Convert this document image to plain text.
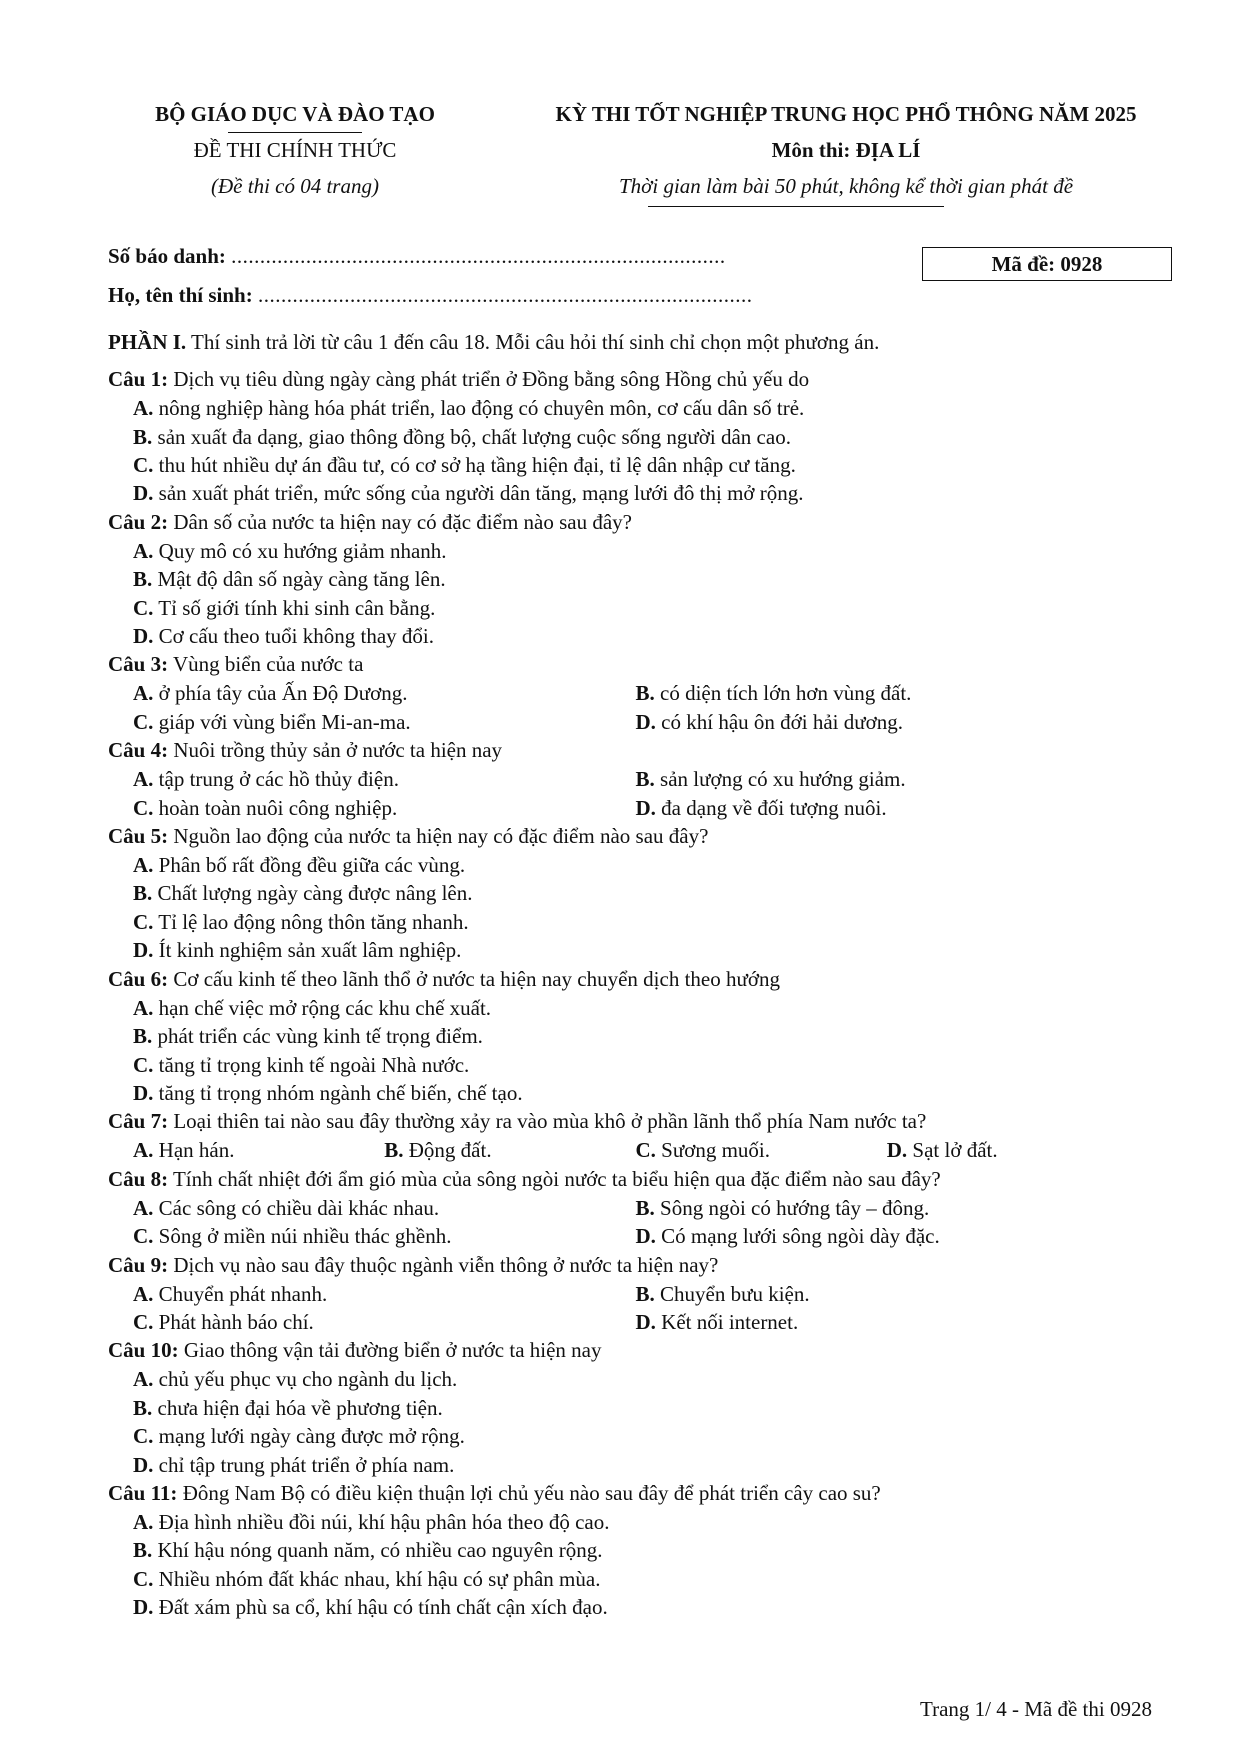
BỘ GIÁO DỤC VÀ ĐÀO TẠO
ĐỀ THI CHÍNH THỨC
(Đề thi có 04 trang)
KỲ THI TỐT NGHIỆP TRUNG HỌC PHỔ THÔNG NĂM 2025
Môn thi: ĐỊA LÍ
Thời gian làm bài 50 phút, không kể thời gian phát đề
Số báo danh: ......................................................................................
Họ, tên thí sinh: ......................................................................................
Mã đề: 0928
PHẦN I. Thí sinh trả lời từ câu 1 đến câu 18. Mỗi câu hỏi thí sinh chỉ chọn một phương án.
Câu 1: Dịch vụ tiêu dùng ngày càng phát triển ở Đồng bằng sông Hồng chủ yếu do
A. nông nghiệp hàng hóa phát triển, lao động có chuyên môn, cơ cấu dân số trẻ.
B. sản xuất đa dạng, giao thông đồng bộ, chất lượng cuộc sống người dân cao.
C. thu hút nhiều dự án đầu tư, có cơ sở hạ tầng hiện đại, tỉ lệ dân nhập cư tăng.
D. sản xuất phát triển, mức sống của người dân tăng, mạng lưới đô thị mở rộng.
Câu 2: Dân số của nước ta hiện nay có đặc điểm nào sau đây?
A. Quy mô có xu hướng giảm nhanh.
B. Mật độ dân số ngày càng tăng lên.
C. Tỉ số giới tính khi sinh cân bằng.
D. Cơ cấu theo tuổi không thay đổi.
Câu 3: Vùng biển của nước ta
A. ở phía tây của Ấn Độ Dương.	B. có diện tích lớn hơn vùng đất.
C. giáp với vùng biển Mi-an-ma.	D. có khí hậu ôn đới hải dương.
Câu 4: Nuôi trồng thủy sản ở nước ta hiện nay
A. tập trung ở các hồ thủy điện.	B. sản lượng có xu hướng giảm.
C. hoàn toàn nuôi công nghiệp.	D. đa dạng về đối tượng nuôi.
Câu 5: Nguồn lao động của nước ta hiện nay có đặc điểm nào sau đây?
A. Phân bố rất đồng đều giữa các vùng.
B. Chất lượng ngày càng được nâng lên.
C. Tỉ lệ lao động nông thôn tăng nhanh.
D. Ít kinh nghiệm sản xuất lâm nghiệp.
Câu 6: Cơ cấu kinh tế theo lãnh thổ ở nước ta hiện nay chuyển dịch theo hướng
A. hạn chế việc mở rộng các khu chế xuất.
B. phát triển các vùng kinh tế trọng điểm.
C. tăng tỉ trọng kinh tế ngoài Nhà nước.
D. tăng tỉ trọng nhóm ngành chế biến, chế tạo.
Câu 7: Loại thiên tai nào sau đây thường xảy ra vào mùa khô ở phần lãnh thổ phía Nam nước ta?
A. Hạn hán.	B. Động đất.	C. Sương muối.	D. Sạt lở đất.
Câu 8: Tính chất nhiệt đới ẩm gió mùa của sông ngòi nước ta biểu hiện qua đặc điểm nào sau đây?
A. Các sông có chiều dài khác nhau.	B. Sông ngòi có hướng tây – đông.
C. Sông ở miền núi nhiều thác ghềnh.	D. Có mạng lưới sông ngòi dày đặc.
Câu 9: Dịch vụ nào sau đây thuộc ngành viễn thông ở nước ta hiện nay?
A. Chuyển phát nhanh.	B. Chuyển bưu kiện.
C. Phát hành báo chí.	D. Kết nối internet.
Câu 10: Giao thông vận tải đường biển ở nước ta hiện nay
A. chủ yếu phục vụ cho ngành du lịch.
B. chưa hiện đại hóa về phương tiện.
C. mạng lưới ngày càng được mở rộng.
D. chỉ tập trung phát triển ở phía nam.
Câu 11: Đông Nam Bộ có điều kiện thuận lợi chủ yếu nào sau đây để phát triển cây cao su?
A. Địa hình nhiều đồi núi, khí hậu phân hóa theo độ cao.
B. Khí hậu nóng quanh năm, có nhiều cao nguyên rộng.
C. Nhiều nhóm đất khác nhau, khí hậu có sự phân mùa.
D. Đất xám phù sa cổ, khí hậu có tính chất cận xích đạo.
Trang 1/ 4 - Mã đề thi 0928
